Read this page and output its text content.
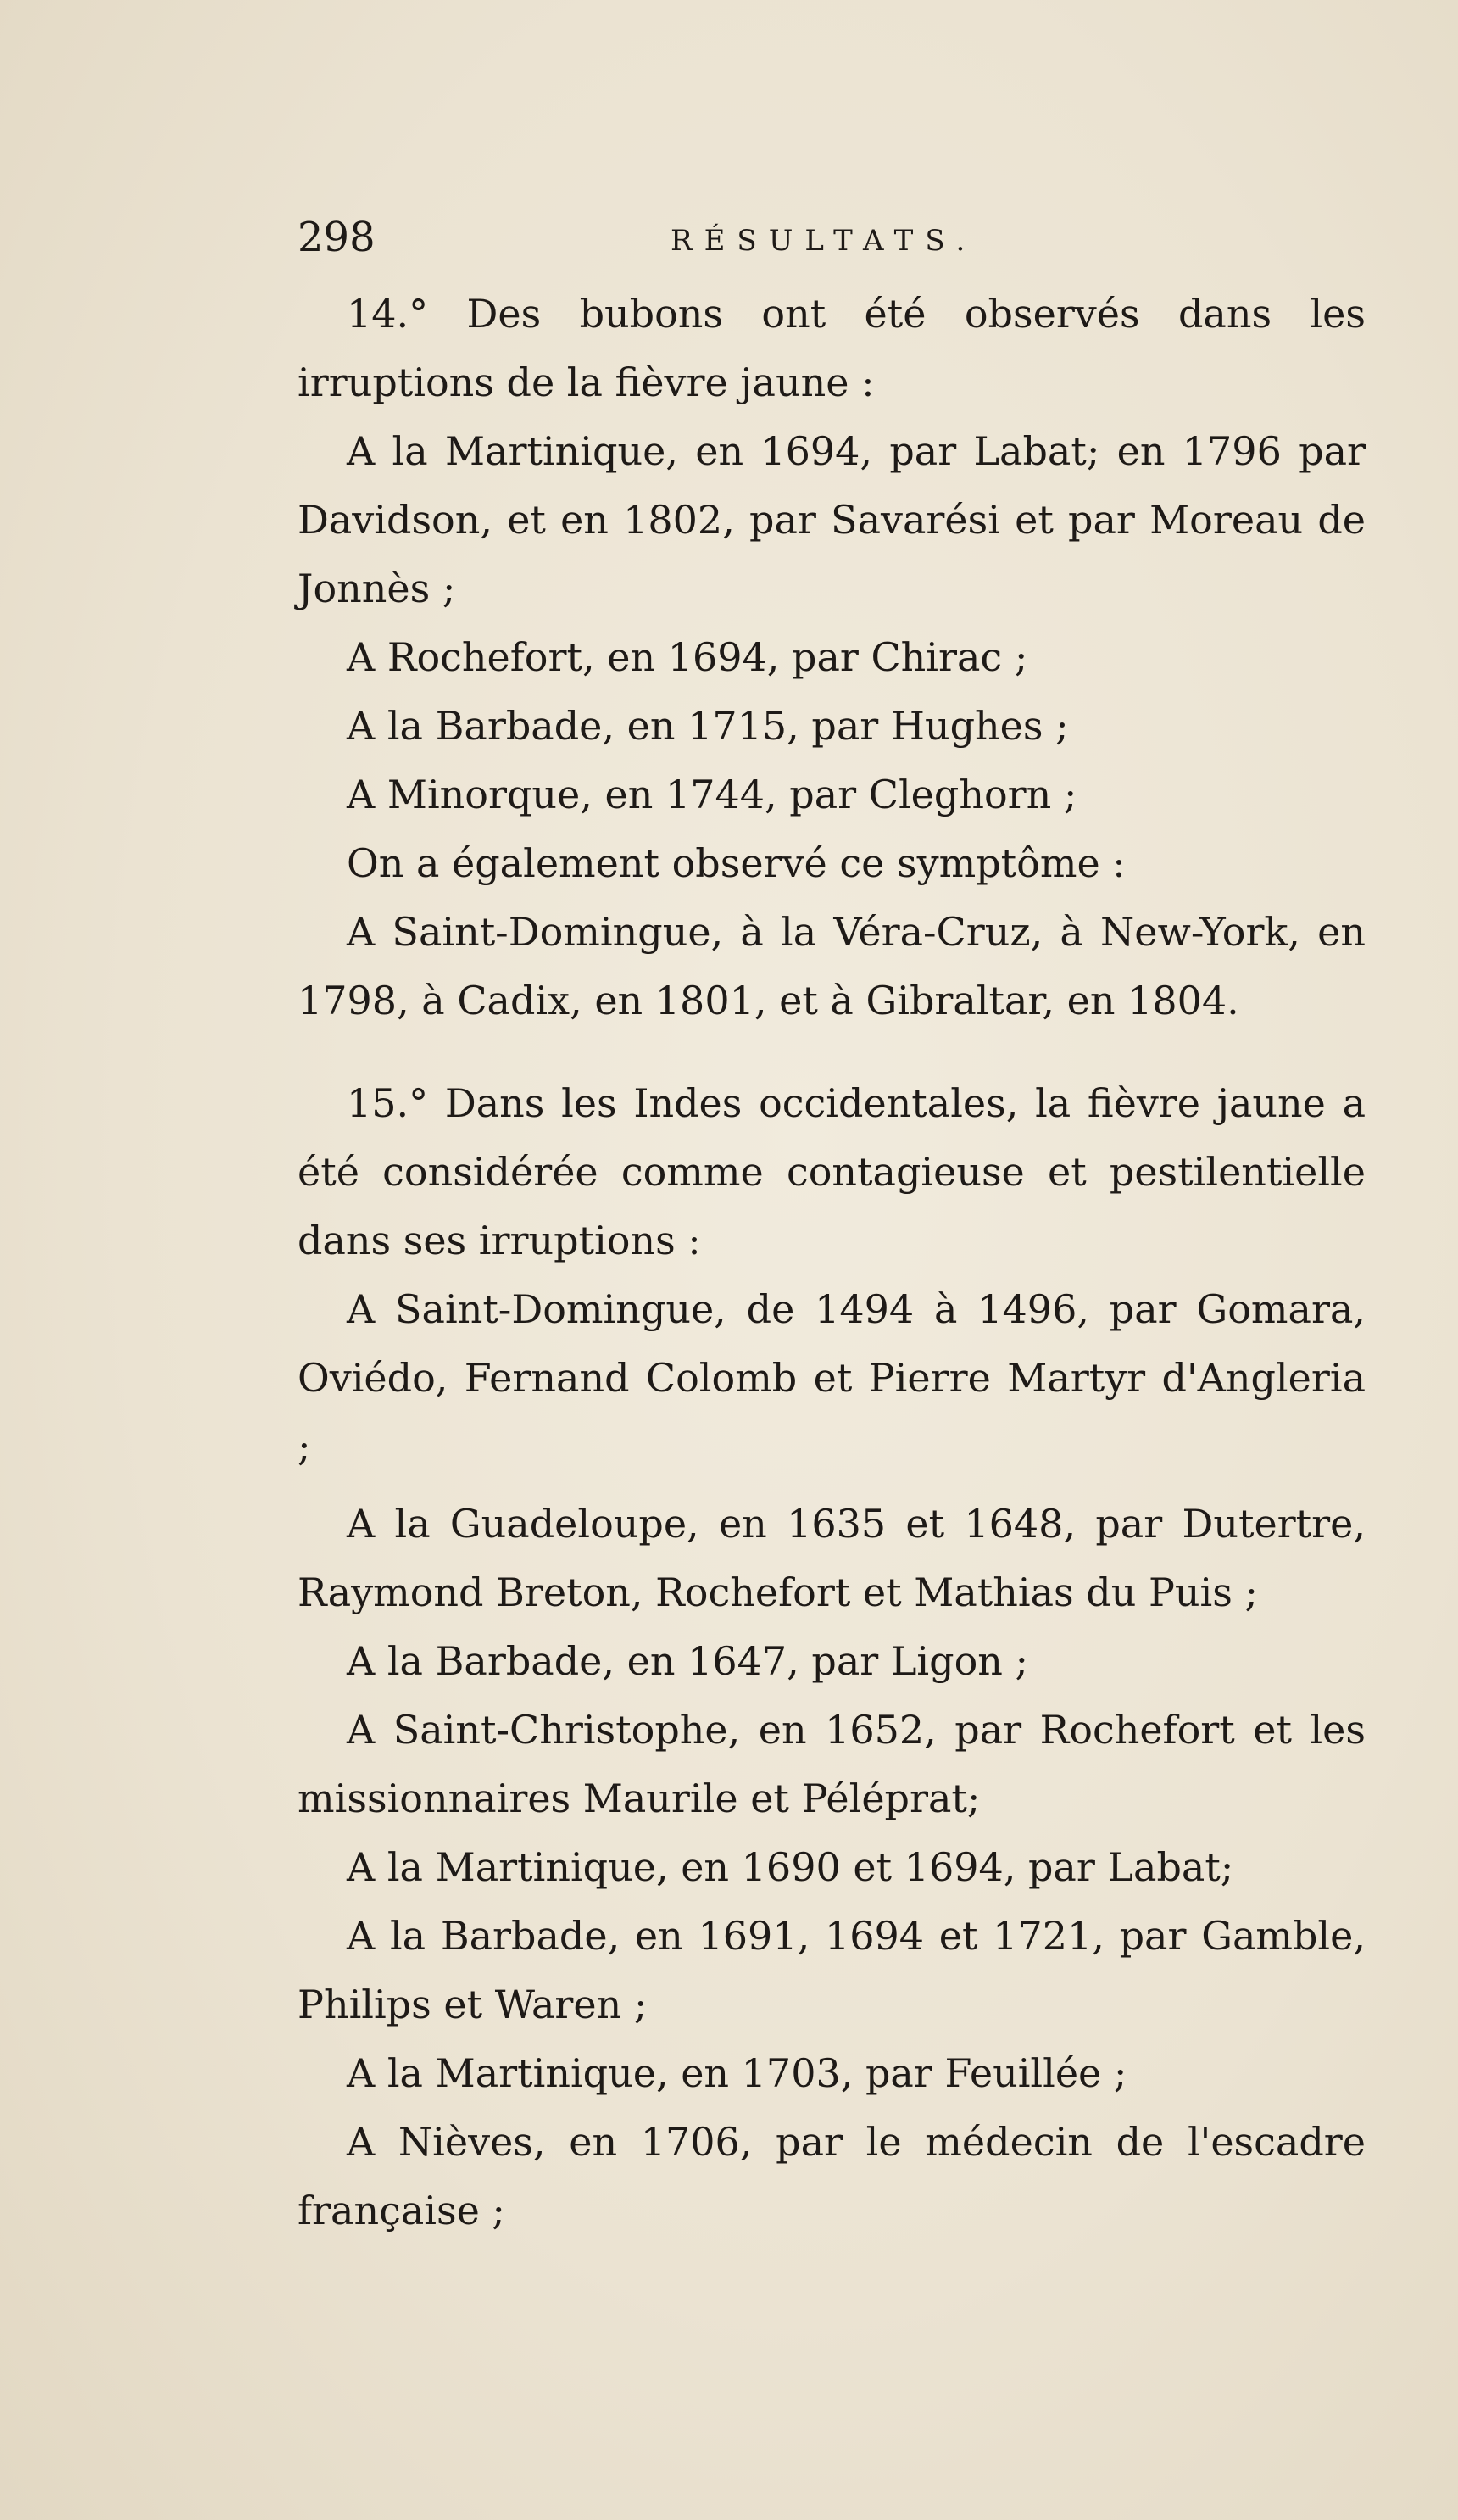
298	RÉSULTATS.

14.° Des bubons ont été observés dans les irruptions de la fièvre jaune :

A la Martinique, en 1694, par Labat; en 1796 par Davidson, et en 1802, par Savarési et par Moreau de Jonnès ;

A Rochefort, en 1694, par Chirac ;

A la Barbade, en 1715, par Hughes ;

A Minorque, en 1744, par Cleghorn ;

On a également observé ce symptôme :

A Saint-Domingue, à la Véra-Cruz, à New-York, en 1798, à Cadix, en 1801, et à Gibraltar, en 1804.

15.° Dans les Indes occidentales, la fièvre jaune a été considérée comme contagieuse et pestilentielle dans ses irruptions :

A Saint-Domingue, de 1494 à 1496, par Gomara, Oviédo, Fernand Colomb et Pierre Martyr d'Angleria ;

A la Guadeloupe, en 1635 et 1648, par Dutertre, Raymond Breton, Rochefort et Mathias du Puis ;

A la Barbade, en 1647, par Ligon ;

A Saint-Christophe, en 1652, par Rochefort et les missionnaires Maurile et Péléprat;

A la Martinique, en 1690 et 1694, par Labat;

A la Barbade, en 1691, 1694 et 1721, par Gamble, Philips et Waren ;

A la Martinique, en 1703, par Feuillée ;

A Nièves, en 1706, par le médecin de l'escadre française ;
